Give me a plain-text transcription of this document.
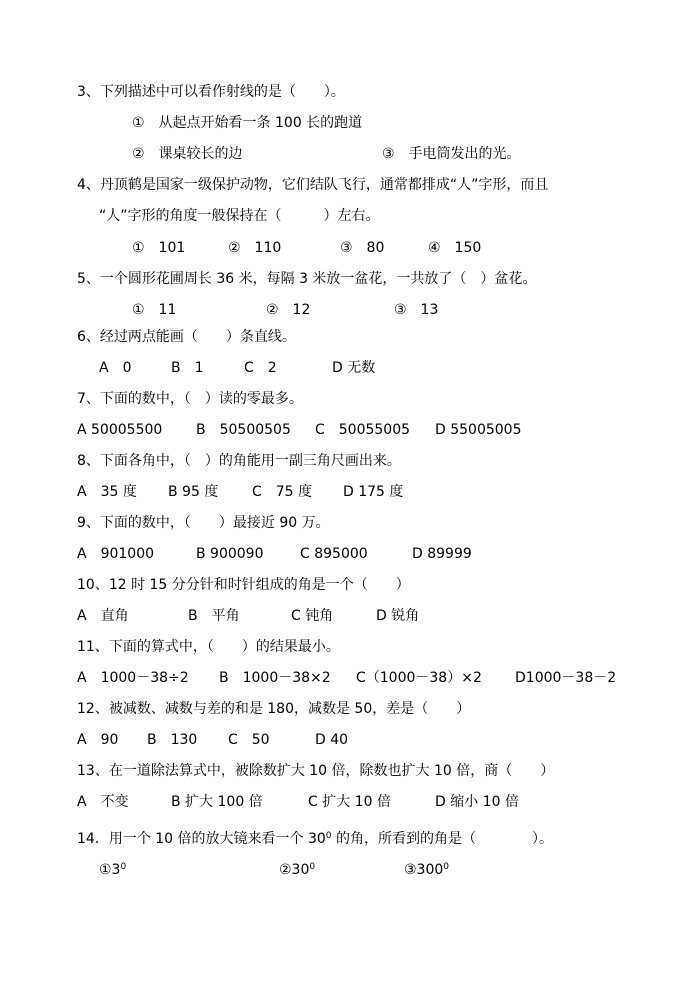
3、下列描述中可以看作射线的是（　　）。
①　从起点开始看一条 100 长的跑道
②　课桌较长的边	③　手电筒发出的光。
4、丹顶鹤是国家一级保护动物，它们结队飞行，通常都排成“人”字形，而且
“人”字形的角度一般保持在（　　　）左右。
①　101	②　110	③　80	④　150
5、一个圆形花圃周长 36 米，每隔 3 米放一盆花，一共放了（　）盆花。
①　11	②　12	③　13
6、经过两点能画（　　）条直线。
A　0	B　1	C　2	D 无数
7、下面的数中，（　）读的零最多。
A 50005500 B　50500505 C　50055005 D 55005005
8、下面各角中，（　）的角能用一副三角尺画出来。
A　35 度 B 95 度 C　75 度 D 175 度
9、下面的数中，（　　）最接近 90 万。
A　901000	B 900090	C 895000	D 89999
10、12 时 15 分分针和时针组成的角是一个（　　）
A　直角	B　平角	C 钝角	D 锐角
11、下面的算式中，（　　）的结果最小。
A　1000－38÷2 B　1000－38×2 C（1000－38）×2 D1000－38－2
12、被减数、减数与差的和是 180，减数是 50，差是（　　）
A　90 B　130 C　50	D 40
13、在一道除法算式中，被除数扩大 10 倍，除数也扩大 10 倍，商（　　）
A　不变	B 扩大 100 倍	C 扩大 10 倍	D 缩小 10 倍
14．用一个 10 倍的放大镜来看一个 $30^0$ 的角，所看到的角是（　　　　）。
$①3^0$	$②30^0$	$③300^0$
